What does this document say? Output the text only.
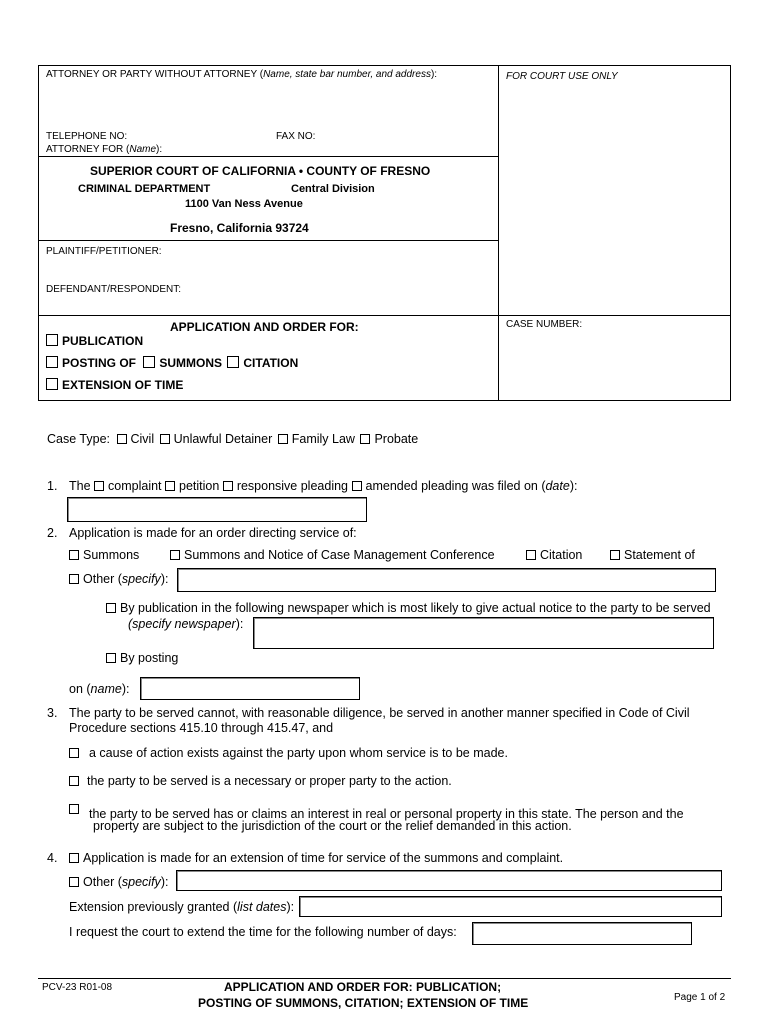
ATTORNEY OR PARTY WITHOUT ATTORNEY (Name, state bar number, and address):	FOR COURT USE ONLY
TELEPHONE NO:	FAX NO:
ATTORNEY FOR (Name):
SUPERIOR COURT OF CALIFORNIA • COUNTY OF FRESNO
CRIMINAL DEPARTMENT	Central Division
1100 Van Ness Avenue
Fresno, California 93724
PLAINTIFF/PETITIONER:
DEFENDANT/RESPONDENT:
APPLICATION AND ORDER FOR:	CASE NUMBER:
PUBLICATION
POSTING OF SUMMONS CITATION
EXTENSION OF TIME
Case Type: Civil Unlawful Detainer Family Law Probate
1. The complaint petition responsive pleading amended pleading was filed on (date):
2. Application is made for an order directing service of:
Summons	Summons and Notice of Case Management Conference	Citation	Statement of
Other (specify):
By publication in the following newspaper which is most likely to give actual notice to the party to be served
(specify newspaper):
By posting
on (name):
3. The party to be served cannot, with reasonable diligence, be served in another manner specified in Code of Civil
Procedure sections 415.10 through 415.47, and
a cause of action exists against the party upon whom service is to be made.
the party to be served is a necessary or proper party to the action.
the party to be served has or claims an interest in real or personal property in this state. The person and the
property are subject to the jurisdiction of the court or the relief demanded in this action.
4.	Application is made for an extension of time for service of the summons and complaint.
Other (specify):
Extension previously granted (list dates):
I request the court to extend the time for the following number of days:
PCV-23 R01-08	APPLICATION AND ORDER FOR: PUBLICATION;
POSTING OF SUMMONS, CITATION; EXTENSION OF TIME	Page 1 of 2
